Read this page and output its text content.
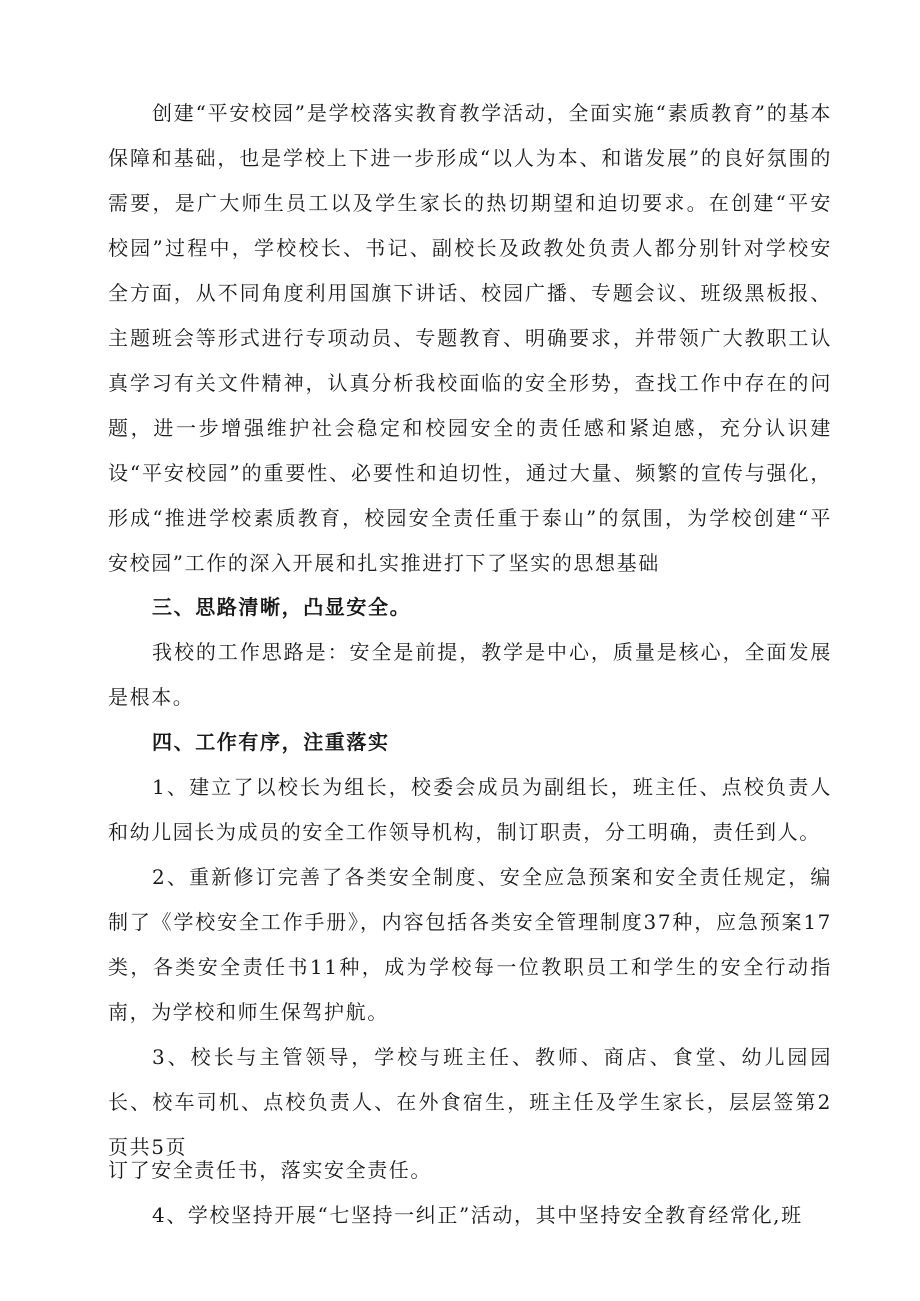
创建“平安校园”是学校落实教育教学活动，全面实施“素质教育”的基本保障和基础，也是学校上下进一步形成“以人为本、和谐发展”的良好氛围的需要，是广大师生员工以及学生家长的热切期望和迫切要求。在创建“平安校园”过程中，学校校长、书记、副校长及政教处负责人都分别针对学校安全方面，从不同角度利用国旗下讲话、校园广播、专题会议、班级黑板报、主题班会等形式进行专项动员、专题教育、明确要求，并带领广大教职工认真学习有关文件精神，认真分析我校面临的安全形势，查找工作中存在的问题，进一步增强维护社会稳定和校园安全的责任感和紧迫感，充分认识建设“平安校园”的重要性、必要性和迫切性，通过大量、频繁的宣传与强化，形成“推进学校素质教育，校园安全责任重于泰山”的氛围，为学校创建“平安校园”工作的深入开展和扎实推进打下了坚实的思想基础

三、思路清晰，凸显安全。

我校的工作思路是：安全是前提，教学是中心，质量是核心，全面发展是根本。

四、工作有序，注重落实

1、建立了以校长为组长，校委会成员为副组长，班主任、点校负责人和幼儿园长为成员的安全工作领导机构，制订职责，分工明确，责任到人。

2、重新修订完善了各类安全制度、安全应急预案和安全责任规定，编制了《学校安全工作手册》，内容包括各类安全管理制度37种，应急预案17类，各类安全责任书11种，成为学校每一位教职员工和学生的安全行动指南，为学校和师生保驾护航。

3、校长与主管领导，学校与班主任、教师、商店、食堂、幼儿园园长、校车司机、点校负责人、在外食宿生，班主任及学生家长，层层签第2页共5页

订了安全责任书，落实安全责任。

4、学校坚持开展“七坚持一纠正”活动，其中坚持安全教育经常化,班
